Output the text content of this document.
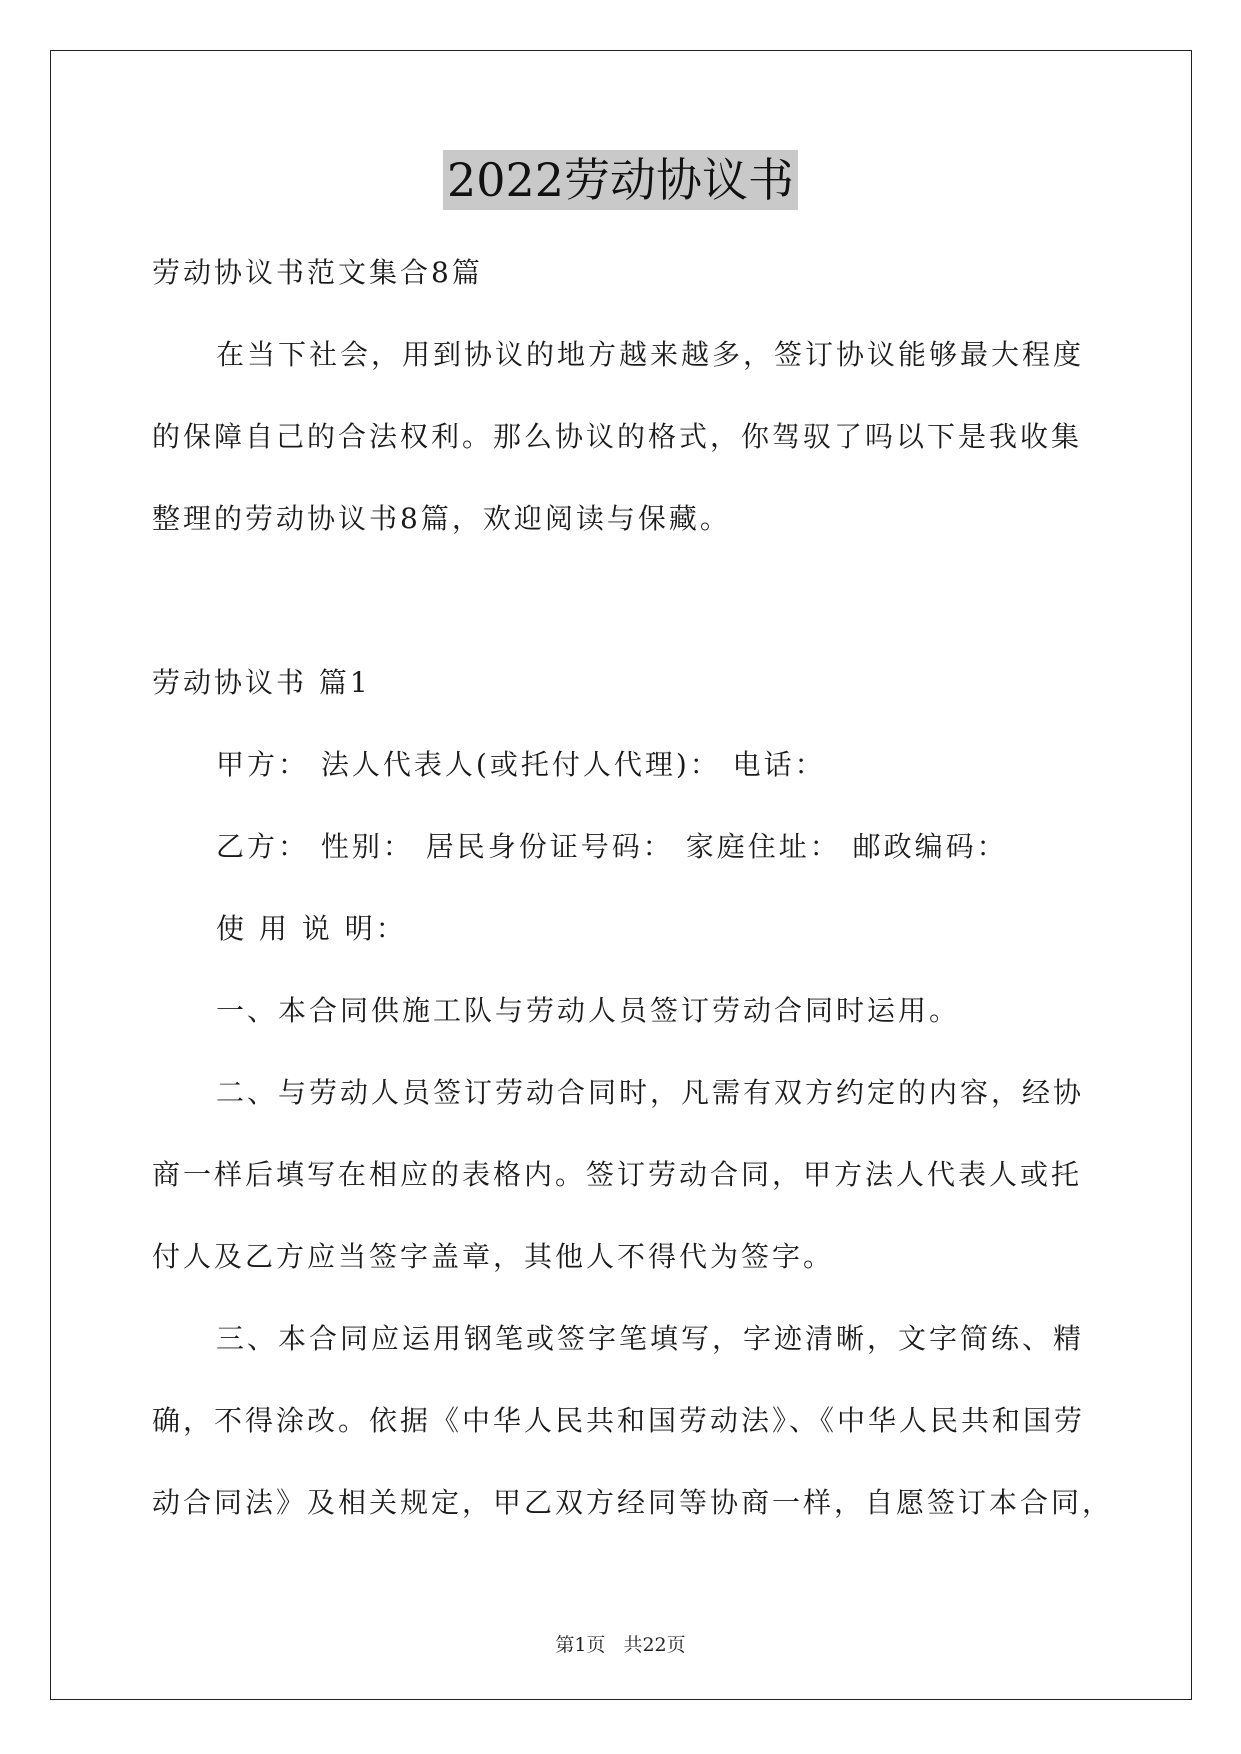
2022劳动协议书
劳动协议书范文集合8篇
在当下社会，用到协议的地方越来越多，签订协议能够最大程度
的保障自己的合法权利。那么协议的格式，你驾驭了吗以下是我收集
整理的劳动协议书8篇，欢迎阅读与保藏。
劳动协议书 篇1
甲方： 法人代表人(或托付人代理)： 电话：
乙方： 性别： 居民身份证号码： 家庭住址： 邮政编码：
使 用 说 明：
一、本合同供施工队与劳动人员签订劳动合同时运用。
二、与劳动人员签订劳动合同时，凡需有双方约定的内容，经协
商一样后填写在相应的表格内。签订劳动合同，甲方法人代表人或托
付人及乙方应当签字盖章，其他人不得代为签字。
三、本合同应运用钢笔或签字笔填写，字迹清晰，文字简练、精
确，不得涂改。依据《中华人民共和国劳动法》、《中华人民共和国劳
动合同法》及相关规定，甲乙双方经同等协商一样，自愿签订本合同，
第1页 共22页
